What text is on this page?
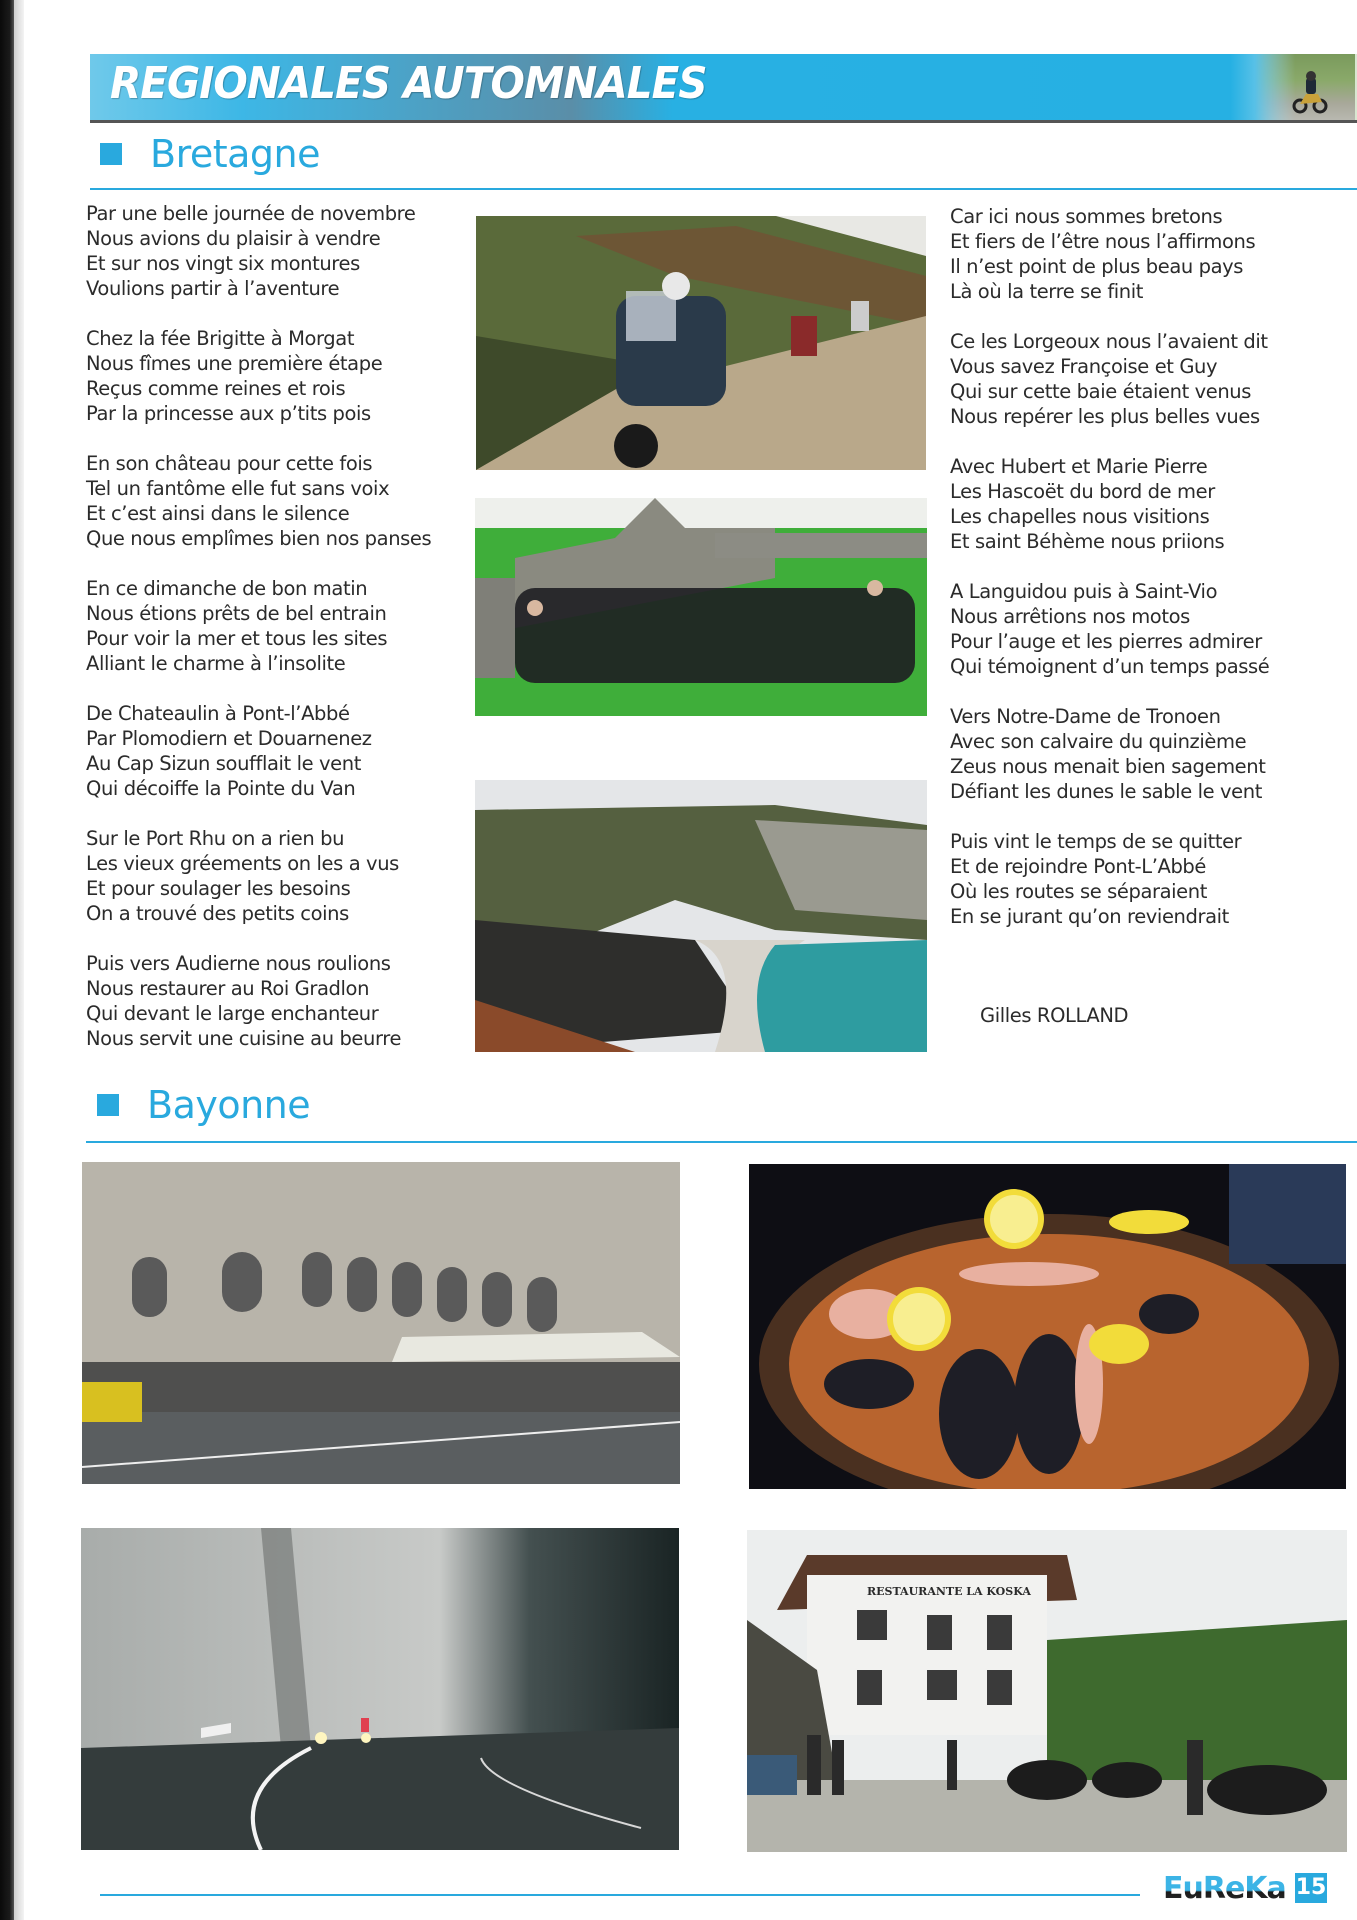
REGIONALES AUTOMNALES
Bretagne
Par une belle journée de novembre
Nous avions du plaisir à vendre
Et sur nos vingt six montures
Voulions partir à l’aventure
Chez la fée Brigitte à Morgat
Nous fîmes une première étape
Reçus comme reines et rois
Par la princesse aux p’tits pois
En son château pour cette fois
Tel un fantôme elle fut sans voix
Et c’est ainsi dans le silence
Que nous emplîmes bien nos panses
En ce dimanche de bon matin
Nous étions prêts de bel entrain
Pour voir la mer et tous les sites
Alliant le charme à l’insolite
De Chateaulin à Pont-l’Abbé
Par Plomodiern et Douarnenez
Au Cap Sizun soufflait le vent
Qui décoiffe la Pointe du Van
Sur le Port Rhu on a rien bu
Les vieux gréements on les a vus
Et pour soulager les besoins
On a trouvé des petits coins
Puis vers Audierne nous roulions
Nous restaurer au Roi Gradlon
Qui devant le large enchanteur
Nous servit une cuisine au beurre
Car ici nous sommes bretons
Et fiers de l’être nous l’affirmons
Il n’est point de plus beau pays
Là où la terre se finit
Ce les Lorgeoux nous l’avaient dit
Vous savez Françoise et Guy
Qui sur cette baie étaient venus
Nous repérer les plus belles vues
Avec Hubert et Marie Pierre
Les Hascoët du bord de mer
Les chapelles nous visitions
Et saint Béhème nous priions
A Languidou puis à Saint-Vio
Nous arrêtions nos motos
Pour l’auge et les pierres admirer
Qui témoignent d’un temps passé
Vers Notre-Dame de Tronoen
Avec son calvaire du quinzième
Zeus nous menait bien sagement
Défiant les dunes le sable le vent
Puis vint le temps de se quitter
Et de rejoindre Pont-L’Abbé
Où les routes se séparaient
En se jurant qu’on reviendrait
Gilles ROLLAND
Bayonne
RESTAURANTE LA KOSKA
EuReKa 15
